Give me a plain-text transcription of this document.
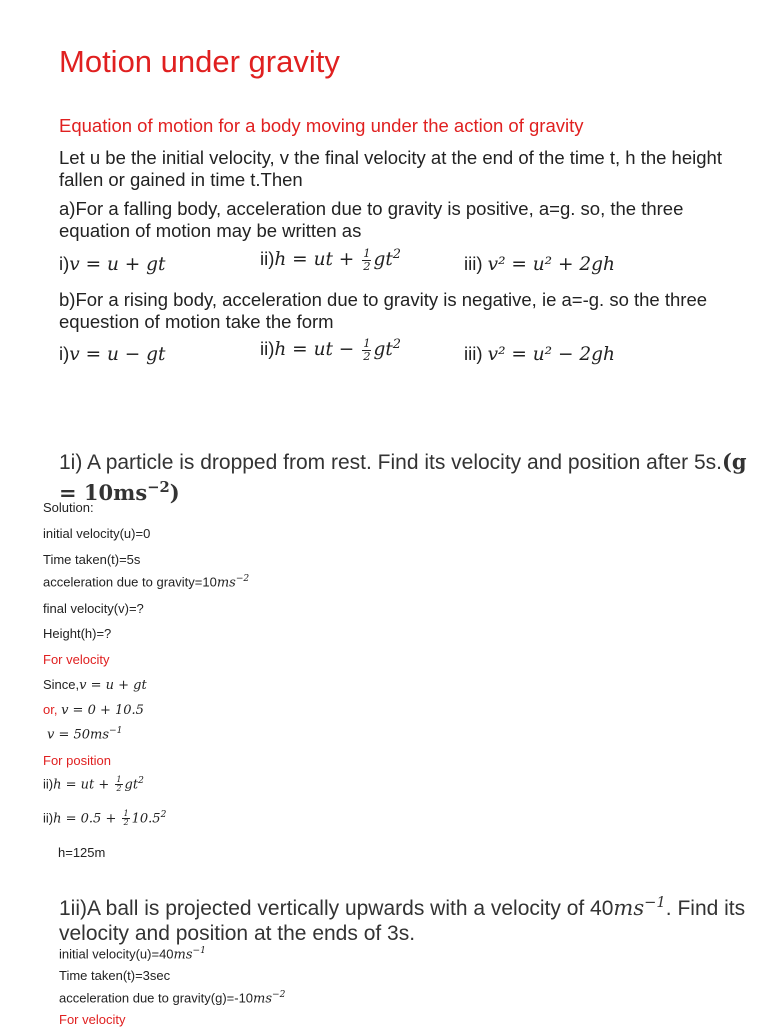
Motion under gravity
Equation of motion for a body moving under the action of gravity
Let u be the initial velocity, v the final velocity at the end of the time t, h the height fallen or gained in time t.Then
a)For a falling body, acceleration due to gravity is positive, a=g. so, the three equation of motion may be written as
i)v = u + gt	ii)h = ut + $\frac{1}{2} gt^2$	iii) v² = u² + 2gh
b)For a rising body, acceleration due to gravity is negative, ie a=-g. so the three equestion of motion take the form
i)v = u − gt	ii)h = ut − $\frac{1}{2} gt^2$	iii) v² = u² − 2gh
1i) A particle is dropped from rest. Find its velocity and position after $5s.(g = 10ms^{-2})$
Solution:
initial velocity(u)=0
Time taken(t)=5s
acceleration due to $gravity=10ms^{-2}$
final velocity(v)=?
Height(h)=?
For velocity
Since,v = u + gt
or, v = 0 + 10.5
$v = 50ms^{-1}$
For position
ii)h = ut + $\frac{1}{2} gt^2$
$ii)h = 0.5 + \frac{1}{2} 10.5^2$
h=125m
1ii)A ball is projected vertically upwards with a velocity of $40ms^{-1}$. Find its velocity and position at the ends of 3s.
initial $velocity(u)=40ms^{-1}$
Time taken(t)=3sec
acceleration due to $gravity(g)=-10ms^{-2}$
For velocity
